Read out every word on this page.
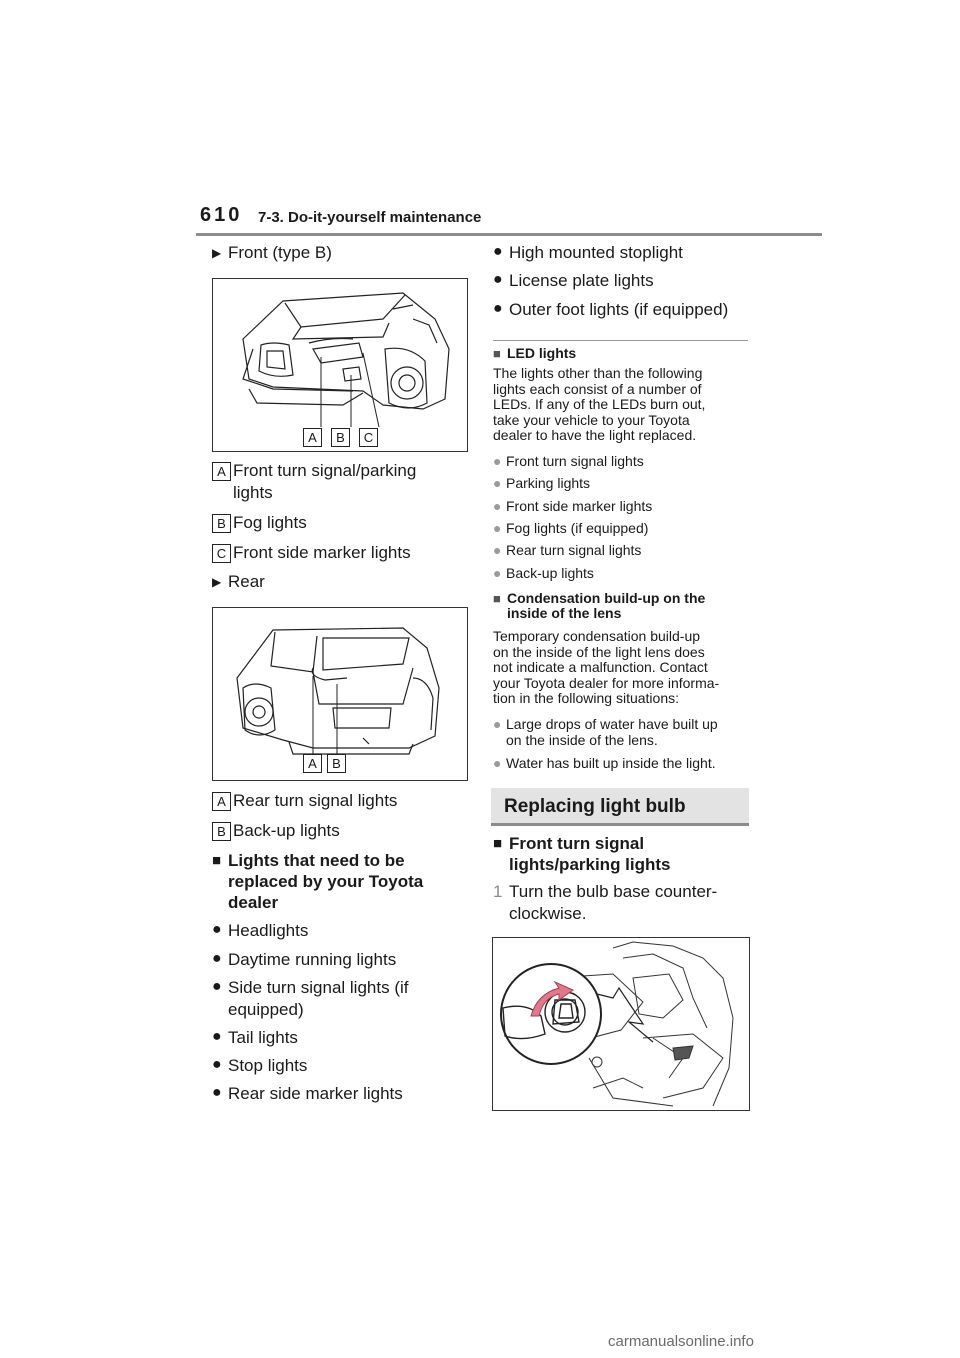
610 7-3. Do-it-yourself maintenance
▶ Front (type B)
A	B	C
A Front turn signal/parking
lights
B Fog lights
C Front side marker lights
▶ Rear
A	B
A Rear turn signal lights
B Back-up lights
■ Lights that need to be
replaced by your Toyota
dealer
● Headlights
● Daytime running lights
● Side turn signal lights (if
equipped)
● Tail lights
● Stop lights
● Rear side marker lights
● High mounted stoplight
● License plate lights
● Outer foot lights (if equipped)
■ LED lights
The lights other than the following
lights each consist of a number of
LEDs. If any of the LEDs burn out,
take your vehicle to your Toyota
dealer to have the light replaced.
● Front turn signal lights
● Parking lights
● Front side marker lights
● Fog lights (if equipped)
● Rear turn signal lights
● Back-up lights
■ Condensation build-up on the
inside of the lens
Temporary condensation build-up
on the inside of the light lens does
not indicate a malfunction. Contact
your Toyota dealer for more informa-
tion in the following situations:
● Large drops of water have built up
on the inside of the lens.
● Water has built up inside the light.
Replacing light bulb
■ Front turn signal
lights/parking lights
1 Turn the bulb base counter-
clockwise.
carmanualsonline.info
